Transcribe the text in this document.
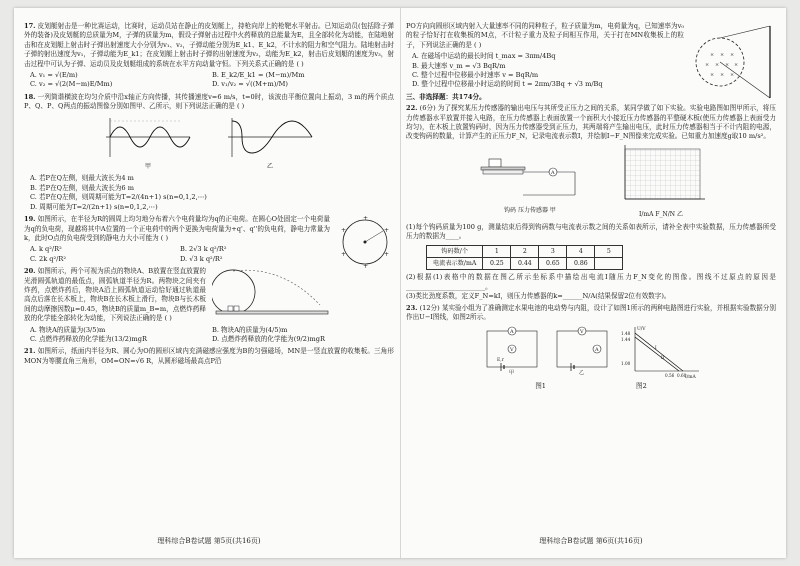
17. 皮划艇射击是一种比赛运动，比赛时，运动员站在静止的皮划艇上，持枪向岸上的枪靶水平射击。已知运动员(包括除子弹外的装备)及皮划艇的总质量为M，子弹的质量为m，假设子弹射击过程中火药释放的总能量为E，且全部转化为动能，在陆地射击和在皮划艇上射击时子弹出射速度大小分别为v₁、v₂，子弹动能分别为E_k1、E_k2，不计水的阻力和空气阻力。陆地射击时子弹的射出速度为v₁，子弹动能为E_k1；在皮划艇上射击时子弹的出射速度为v₂，动能为E_k2，射击后皮划艇的速度为v₃，射击过程中可认为子弹、运动员及皮划艇组成的系统在水平方向动量守恒。下列关系式正确的是 ( )
A. v₁ = √(E/m)	B. E_k2/E_k1 = (M−m)/Mm
C. v₂ = √(2(M−m)E/Mm)	D. v₁/v₂ = √((M+m)/M)
18. 一列简谐横波在均匀介质中沿x轴正方向传播，其传播速度v=6 m/s，t=0时，该波由平衡位置向上振动，3 m的两个质点P、Q、P、Q两点的振动图像分别如图甲、乙所示，则下列说法正确的是 ( )
甲	乙
A. 若P在Q左侧，则最大波长为4 m
B. 若P在Q左侧，则最大波长为6 m
C. 若P在Q左侧，则周期可能为T=2/(4n+1) s(n=0,1,2,⋯)
D. 周期可能为T=2/(2n+1) s(n=0,1,2,⋯)
+
+
+
+
+
+
19. 如图所示，在半径为R的圆周上均匀地分布着六个电荷量均为q的正电荷。在圆心O处固定一个电荷量为q的负电荷，现越将其中A位置的一个正电荷中的两个更换为电荷量为+q'、q''的负电荷，静电力常量为k，此时O点的负电荷受到的静电力大小可能为 ( )
A. k q²/R²	B. 2√3 k q²/R²
C. 2k q²/R²	D. √3 k q²/R²
20. 如图所示，两个可视为质点的物块A、B放置在竖直放置的光滑圆弧轨道的最低点，圆弧轨道半径为R。两物块之间夹有炸药，点燃炸药后，物块A沿上圆弧轨道运动恰好通过轨道最高点后落在长木板上，物块B在长木板上滑行，物块B与长木板间的动摩擦因数μ=0.45，物块B的质量m_B=m，点燃炸药释放的化学能全部转化为动能，下列说法正确的是 ( )
A. 物块A的质量为(3/5)m	B. 物块A的质量为(4/5)m
C. 点燃炸药释放的化学能为(13/2)mgR	D. 点燃炸药释放的化学能为(9/2)mgR
21. 如图所示，纸面内半径为R、圆心为O的圆形区域内充满磁感应强度为B的匀强磁场，MN是一竖直放置的收集板。三角形MON为等腰直角三角形，OM=ON=√6 R，从圆形磁场最高点P沿
理科综合B卷试题 第5页(共16页)
× × ×
× × × ×
× × ×
PO方向向圆形区域内射入大量速率不同的同种粒子，粒子质量为m，电荷量为q，已知速率为v₀的粒子恰好打在收集板的M点，不计粒子重力及粒子间相互作用，关于打在MN收集板上的粒子，下列说法正确的是 ( )
A. 在磁场中运动的最长时间 t_max = 3πm/4Bq
B. 最大速率 v_m = √3 BqR/m
C. 整个过程中位移最小时速率 v = BqR/m
D. 整个过程中位移最小时运动的时间 t = 2πm/3Bq + √3 m/Bq
三、非选择题：共174分。
22. (6分) 为了探究某压力传感器的输出电压与其所受正压力之间的关系，某同学做了如下实验。实验电路图如图甲所示，将压力传感器水平放置并接入电路，在压力传感器上表面放置一个面积大小接近压力传感器的平整硬木板(使压力传感器上表面受力均匀)，在木板上放置钩码时，因为压力传感器受到正压力，其两端将产生输出电压，此时压力传感器相当于不计内阻的电源，改变钩码的数量，计算产生的正压力F_N，记录电流表示数I，并绘制I−F_N图像来完成实验。已知重力加速度g取10 m/s²。
A
钩码 压力传感器 甲
I/mA F_N/N 乙
(1)每个钩码质量为100 g，测量结束后得到钩码数与电流表示数之间的关系如表所示，请补全表中实验数据，压力传感器所受压力的数据为____。
钩码数/个	1	2	3	4	5
电流表示数/mA	0.25	0.44	0.65	0.86	
(2)根据(1)表格中的数据在图乙所示坐标系中描绘出电流I随压力F_N变化的图像。图线不过原点的原因是________________________。
(3)类比劲度系数，定义F_N=kI，则压力传感器的k=______N/A(结果保留2位有效数字)。
23. (12分) 某实验小组为了准确测定水果电池的电动势与内阻，设计了如图1所示的两种电路图进行实验，并根据实验数据分别作出U−I图线，如图2所示。
A
V
E,r
甲
V
A
乙
U/V
I/mA
1.48
1.44
1.00
0.56 0.60
I
II
图1	图2
理科综合B卷试题 第6页(共16页)
